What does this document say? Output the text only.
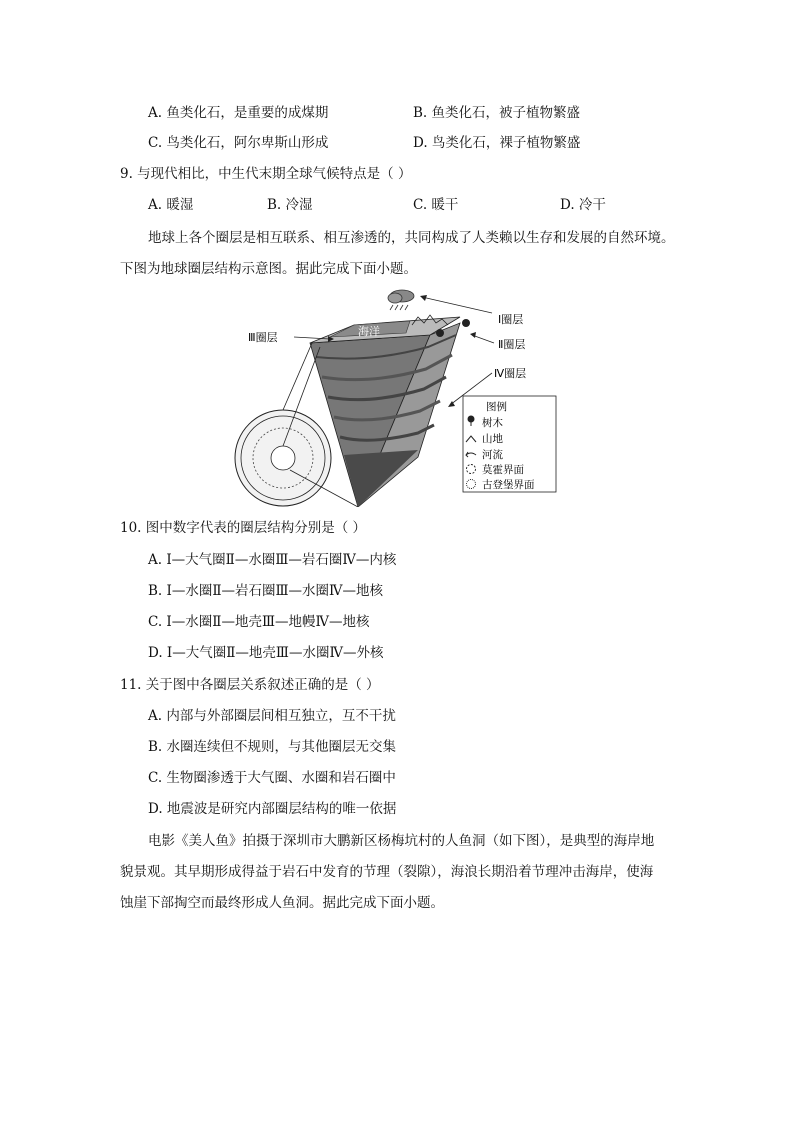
A. 鱼类化石，是重要的成煤期	B. 鱼类化石，被子植物繁盛
C. 鸟类化石，阿尔卑斯山形成	D. 鸟类化石，裸子植物繁盛
9. 与现代相比，中生代末期全球气候特点是（ ）
A. 暖湿	B. 冷湿	C. 暖干	D. 冷干
地球上各个圈层是相互联系、相互渗透的，共同构成了人类赖以生存和发展的自然环境。
下图为地球圈层结构示意图。据此完成下面小题。
海洋
Ⅰ圈层
Ⅱ圈层
Ⅳ圈层
Ⅲ圈层
图例
树木
山地
河流
莫霍界面
古登堡界面
10. 图中数字代表的圈层结构分别是（ ）
A. Ⅰ—大气圈Ⅱ—水圈Ⅲ—岩石圈Ⅳ—内核
B. Ⅰ—水圈Ⅱ—岩石圈Ⅲ—水圈Ⅳ—地核
C. Ⅰ—水圈Ⅱ—地壳Ⅲ—地幔Ⅳ—地核
D. Ⅰ—大气圈Ⅱ—地壳Ⅲ—水圈Ⅳ—外核
11. 关于图中各圈层关系叙述正确的是（ ）
A. 内部与外部圈层间相互独立，互不干扰
B. 水圈连续但不规则，与其他圈层无交集
C. 生物圈渗透于大气圈、水圈和岩石圈中
D. 地震波是研究内部圈层结构的唯一依据
电影《美人鱼》拍摄于深圳市大鹏新区杨梅坑村的人鱼洞（如下图），是典型的海岸地
貌景观。其早期形成得益于岩石中发育的节理（裂隙），海浪长期沿着节理冲击海岸，使海
蚀崖下部掏空而最终形成人鱼洞。据此完成下面小题。
